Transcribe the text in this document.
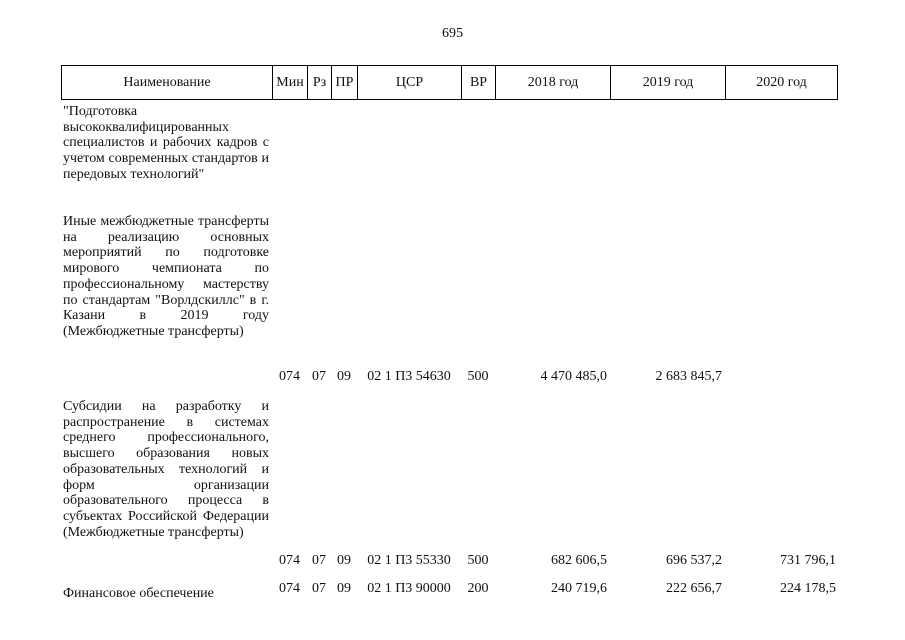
695
Наименование	Мин Рз ПР	ЦСР	ВР	2018 год	2019 год	2020 год
"Подготовка высококвалифицированных специалистов и рабочих кадров с учетом современных стандартов и передовых технологий"
Иные межбюджетные трансферты на реализацию основных мероприятий по подготовке мирового чемпионата по профессиональному мастерству по стандартам "Ворлдскиллс" в г. Казани в 2019 году (Межбюджетные трансферты)
074 07 09	02 1 П3 54630	500	4 470 485,0	2 683 845,7
Субсидии на разработку и распространение в системах среднего профессионального, высшего образования новых образовательных технологий и форм организации образовательного процесса в субъектах Российской Федерации (Межбюджетные трансферты)
074 07 09	02 1 П3 55330	500	682 606,5	696 537,2	731 796,1
Финансовое обеспечение	074 07 09	02 1 П3 90000	200	240 719,6	222 656,7	224 178,5
